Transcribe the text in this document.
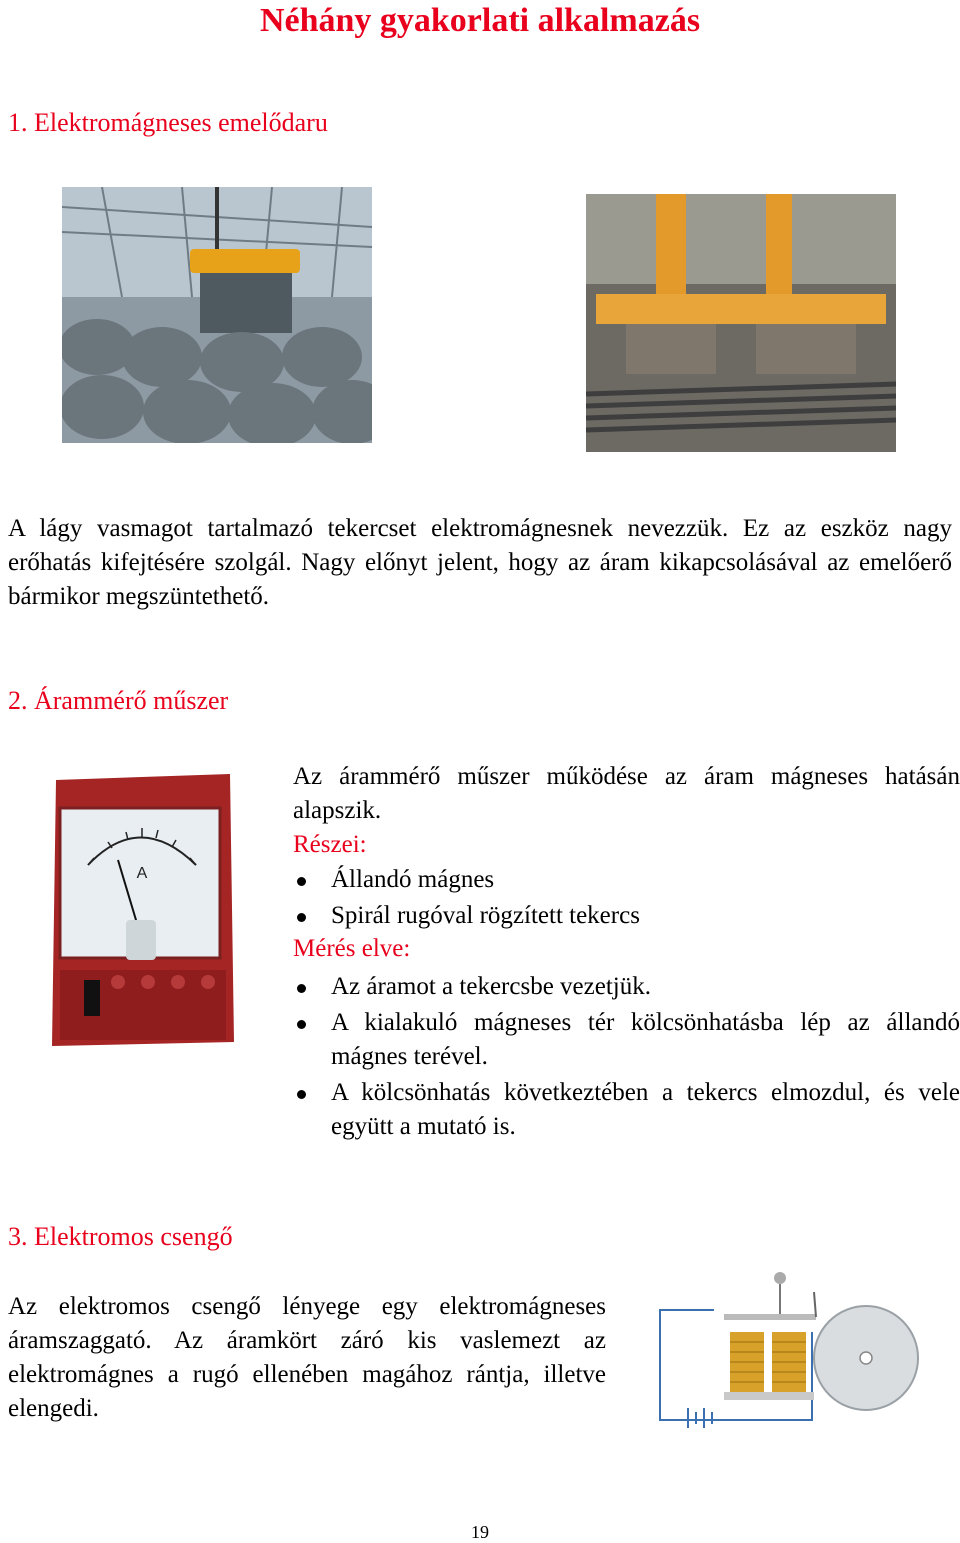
Néhány gyakorlati alkalmazás
1. Elektromágneses emelődaru
A lágy vasmagot tartalmazó tekercset elektromágnesnek nevezzük. Ez az eszköz nagy erőhatás kifejtésére szolgál. Nagy előnyt jelent, hogy az áram kikapcsolásával az emelőerő bármikor megszüntethető.
2. Árammérő műszer
A
Az árammérő műszer működése az áram mágneses hatásán alapszik.
Részei:
Állandó mágnes
Spirál rugóval rögzített tekercs
Mérés elve:
Az áramot a tekercsbe vezetjük.
A kialakuló mágneses tér kölcsönhatásba lép az állandó mágnes terével.
A kölcsönhatás következtében a tekercs elmozdul, és vele együtt a mutató is.
3. Elektromos csengő
Az elektromos csengő lényege egy elektromágneses áramszaggató. Az áramkört záró kis vaslemezt az elektromágnes a rugó ellenében magához rántja, illetve elengedi.
19
